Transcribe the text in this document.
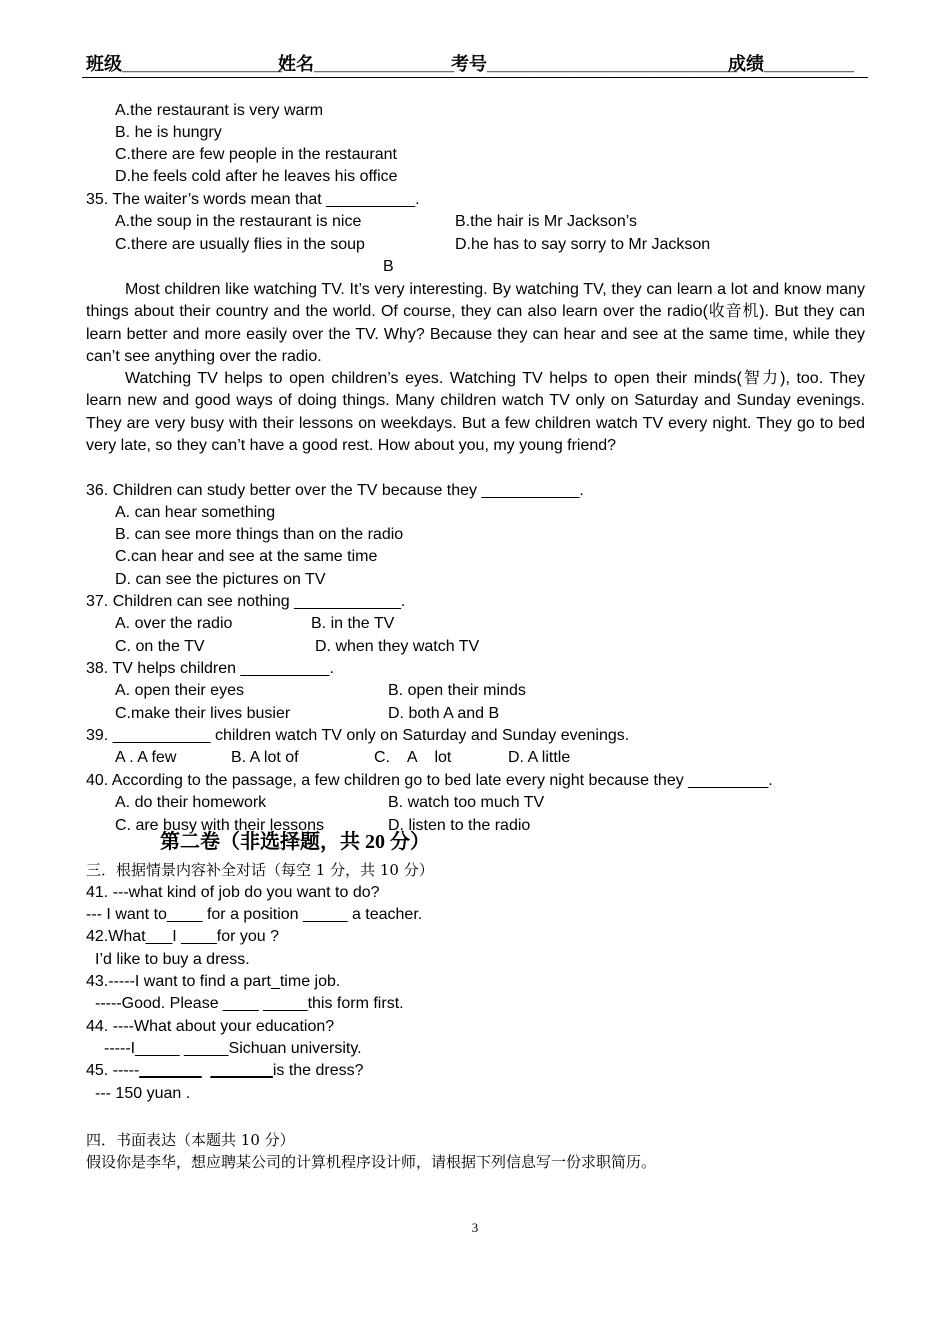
班级________________
姓名______________
考号_________________________
成绩_________
A.the restaurant is very warm
B. he is hungry
C.there are few people in the restaurant
D.he feels cold after he leaves his office
35. The waiter’s words mean that __________.
A.the soup in the restaurant is nice	B.the hair is Mr Jackson’s
C.there are usually flies in the soup	D.he has to say sorry to Mr Jackson
B
Most children like watching TV. It’s very interesting. By watching TV, they can learn a lot and know many things about their country and the world. Of course, they can also learn over the radio(收音机). But they can learn better and more easily over the TV. Why? Because they can hear and see at the same time, while they can’t see anything over the radio.
Watching TV helps to open children’s eyes. Watching TV helps to open their minds(智力), too. They learn new and good ways of doing things. Many children watch TV only on Saturday and Sunday evenings. They are very busy with their lessons on weekdays. But a few children watch TV every night. They go to bed very late, so they can’t have a good rest. How about you, my young friend?
36. Children can study better over the TV because they ___________.
A. can hear something
B. can see more things than on the radio
C.can hear and see at the same time
D. can see the pictures on TV
37. Children can see nothing ____________.
A. over the radio	B. in the TV
C. on the TV	D. when they watch TV
38. TV helps children __________.
A. open their eyes	B. open their minds
C.make their lives busier	D. both A and B
39. ___________ children watch TV only on Saturday and Sunday evenings.
A . A few	B. A lot of	C.    A    lot	D. A little
40. According to the passage, a few children go to bed late every night because they _________.
A. do their homework	B. watch too much TV
C. are busy with their lessons	D. listen to the radio
第二卷（非选择题，共 20 分）
三．根据情景内容补全对话（每空 1 分，共 10 分）
41. ---what kind of job do you want to do?
--- I want to____ for a position _____ a teacher.
42.What___I ____for you ?
I’d like to buy a dress.
43.-----I want to find a part_time job.
-----Good. Please ____ _____this form first.
44. ----What about your education?
-----I_____ _____Sichuan university.
45. -----_______ _______is the dress?
--- 150 yuan .
四．书面表达（本题共 10 分）
假设你是李华，想应聘某公司的计算机程序设计师，请根据下列信息写一份求职简历。
3
